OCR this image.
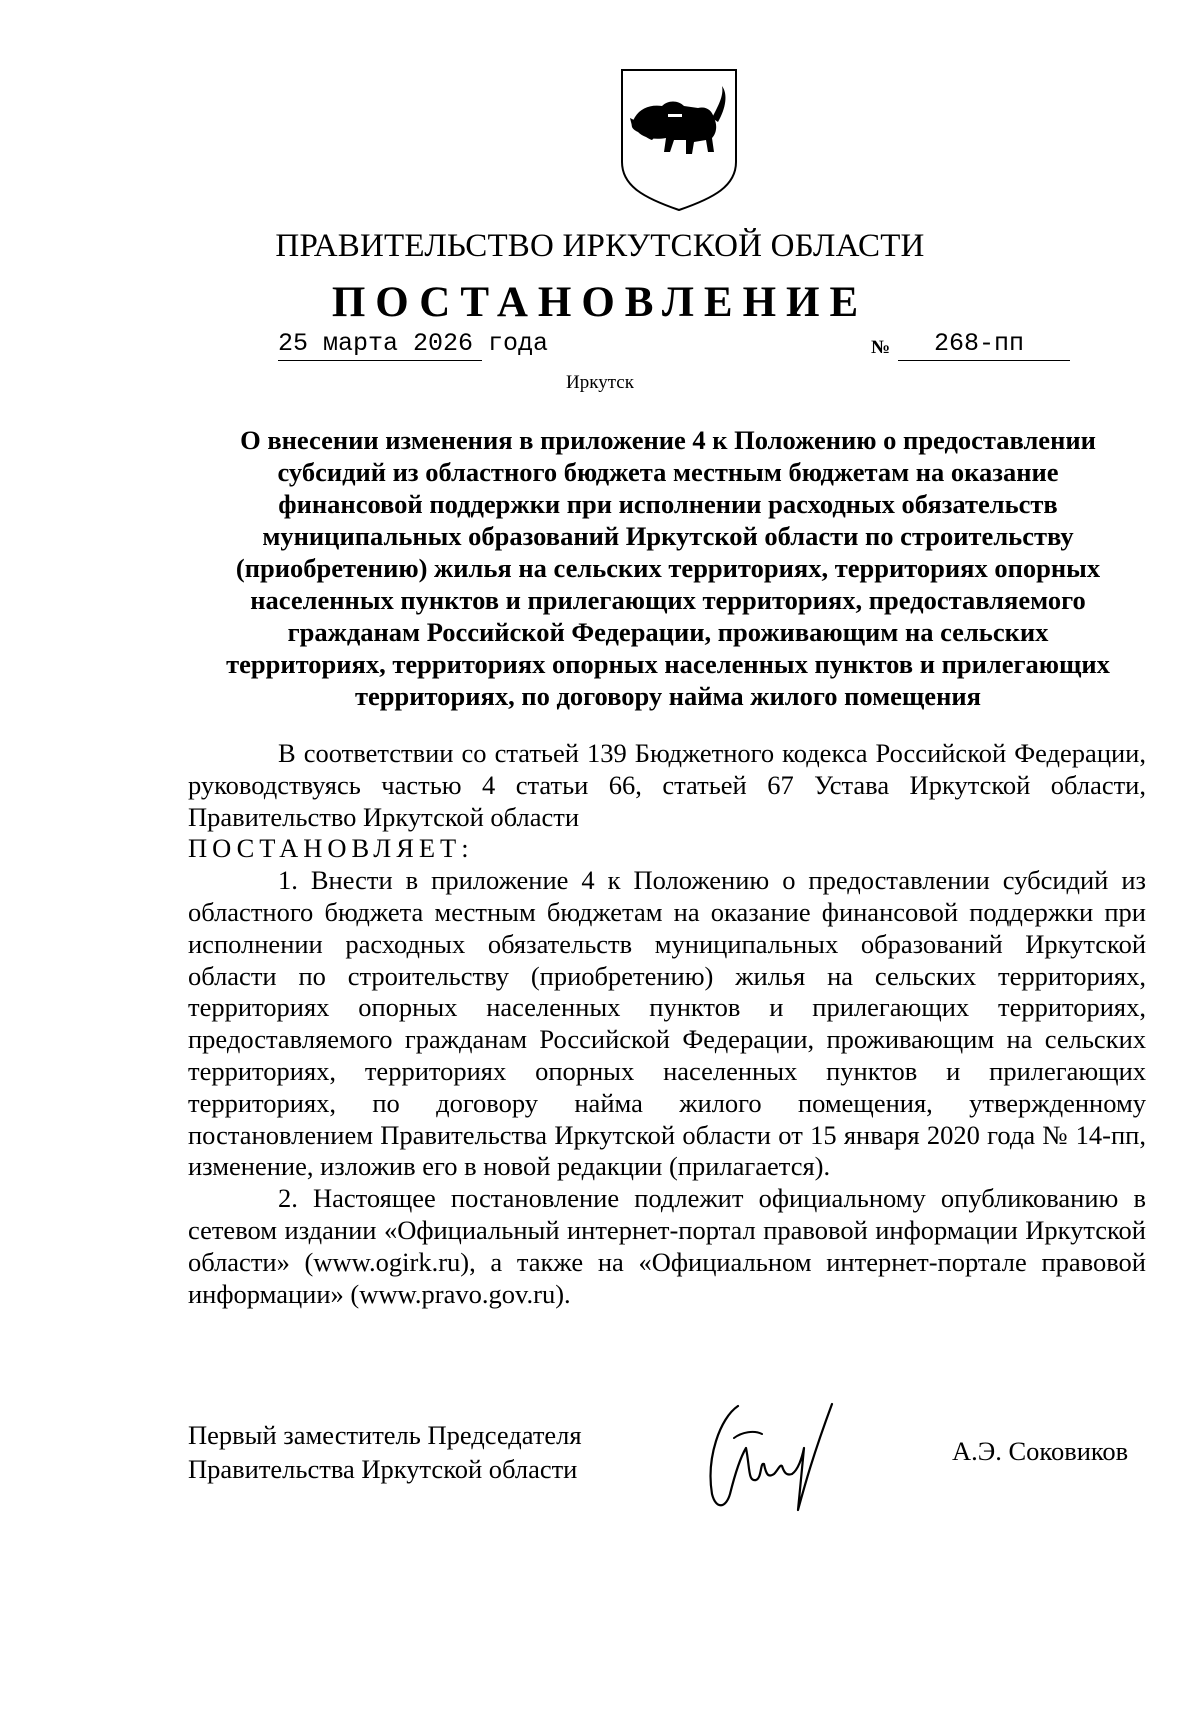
ПРАВИТЕЛЬСТВО ИРКУТСКОЙ ОБЛАСТИ
ПОСТАНОВЛЕНИЕ
25 марта 2026 года	№	268-пп
Иркутск
О внесении изменения в приложение 4 к Положению о предоставлении
субсидий из областного бюджета местным бюджетам на оказание
финансовой поддержки при исполнении расходных обязательств
муниципальных образований Иркутской области по строительству
(приобретению) жилья на сельских территориях, территориях опорных
населенных пунктов и прилегающих территориях, предоставляемого
гражданам Российской Федерации, проживающим на сельских
территориях, территориях опорных населенных пунктов и прилегающих
территориях, по договору найма жилого помещения

В соответствии со статьей 139 Бюджетного кодекса Российской Федерации, руководствуясь частью 4 статьи 66, статьей 67 Устава Иркутской области, Правительство Иркутской области

ПОСТАНОВЛЯЕТ:

1. Внести в приложение 4 к Положению о предоставлении субсидий из областного бюджета местным бюджетам на оказание финансовой поддержки при исполнении расходных обязательств муниципальных образований Иркутской области по строительству (приобретению) жилья на сельских территориях, территориях опорных населенных пунктов и прилегающих территориях, предоставляемого гражданам Российской Федерации, проживающим на сельских территориях, территориях опорных населенных пунктов и прилегающих территориях, по договору найма жилого помещения, утвержденному постановлением Правительства Иркутской области от 15 января 2020 года № 14-пп, изменение, изложив его в новой редакции (прилагается).

2. Настоящее постановление подлежит официальному опубликованию в сетевом издании «Официальный интернет-портал правовой информации Иркутской области» (www.ogirk.ru), а также на «Официальном интернет-портале правовой информации» (www.pravo.gov.ru).

Первый заместитель Председателя
Правительства Иркутской области
А.Э. Соковиков
